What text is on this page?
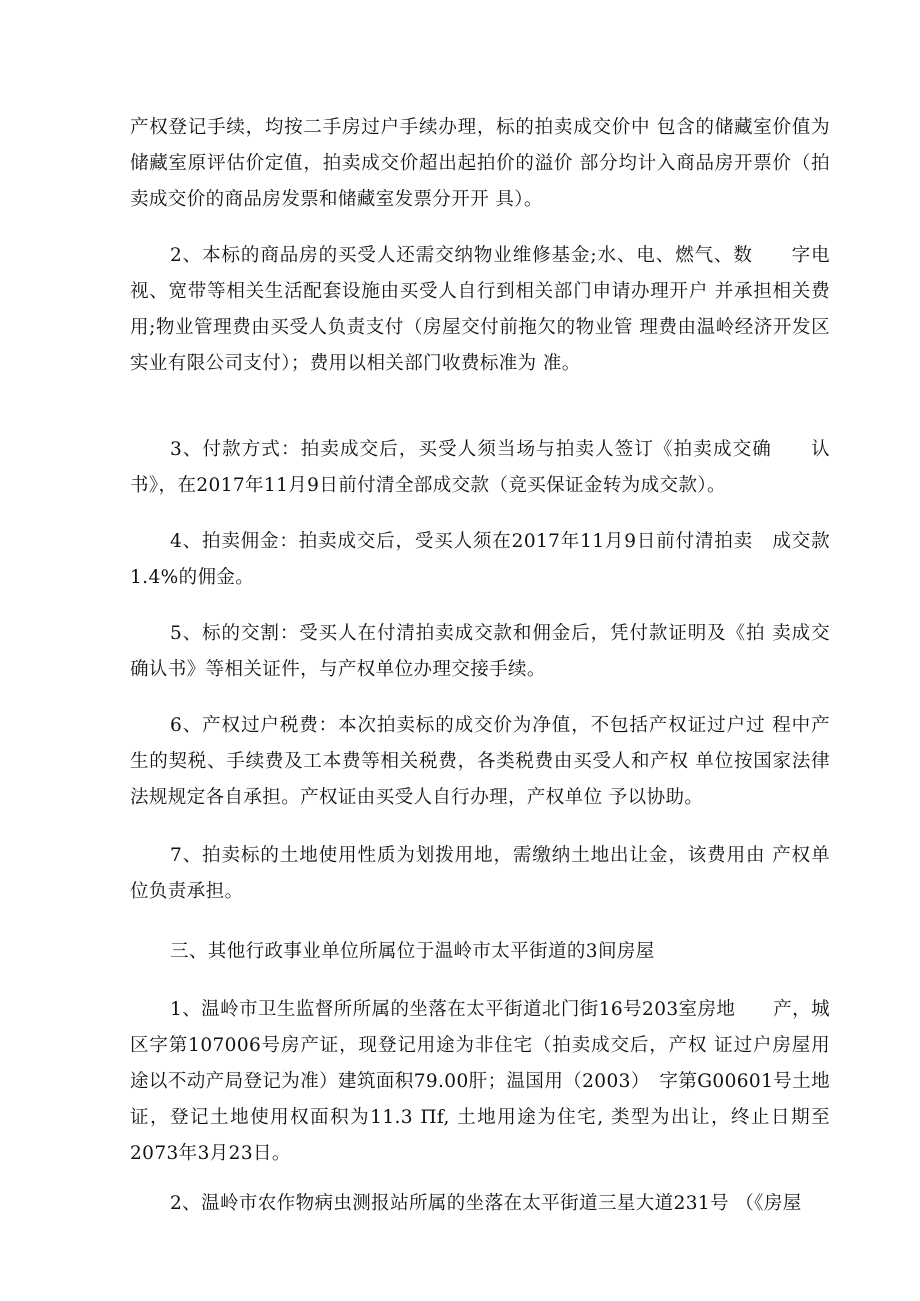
产权登记手续，均按二手房过户手续办理，标的拍卖成交价中 包含的储藏室价值为储藏室原评估价定值，拍卖成交价超出起拍价的溢价 部分均计入商品房开票价（拍卖成交价的商品房发票和储藏室发票分开开 具）。

2、本标的商品房的买受人还需交纳物业维修基金;水、电、燃气、数　　字电视、宽带等相关生活配套设施由买受人自行到相关部门申请办理开户 并承担相关费用;物业管理费由买受人负责支付（房屋交付前拖欠的物业管 理费由温岭经济开发区实业有限公司支付）；费用以相关部门收费标准为 准。

3、付款方式：拍卖成交后，买受人须当场与拍卖人签订《拍卖成交确　　认书》，在2017年11月9日前付清全部成交款（竞买保证金转为成交款）。

4、拍卖佣金：拍卖成交后，受买人须在2017年11月9日前付清拍卖　成交款1.4%的佣金。

5、标的交割：受买人在付清拍卖成交款和佣金后，凭付款证明及《拍 卖成交确认书》等相关证件，与产权单位办理交接手续。

6、产权过户税费：本次拍卖标的成交价为净值，不包括产权证过户过 程中产生的契税、手续费及工本费等相关税费，各类税费由买受人和产权 单位按国家法律法规规定各自承担。产权证由买受人自行办理，产权单位 予以协助。

7、拍卖标的土地使用性质为划拨用地，需缴纳土地出让金，该费用由 产权单位负责承担。

三、其他行政事业单位所属位于温岭市太平街道的3间房屋

1、温岭市卫生监督所所属的坐落在太平街道北门街16号203室房地　　产，城区字第107006号房产证，现登记用途为非住宅（拍卖成交后，产权 证过户房屋用途以不动产局登记为准）建筑面积79.00肝；温国用（2003）　字第G00601号土地证，登记土地使用权面积为11.3 Пf, 土地用途为住宅, 类型为出让，终止日期至2073年3月23日。

2、温岭市农作物病虫测报站所属的坐落在太平街道三星大道231号 （《房屋
